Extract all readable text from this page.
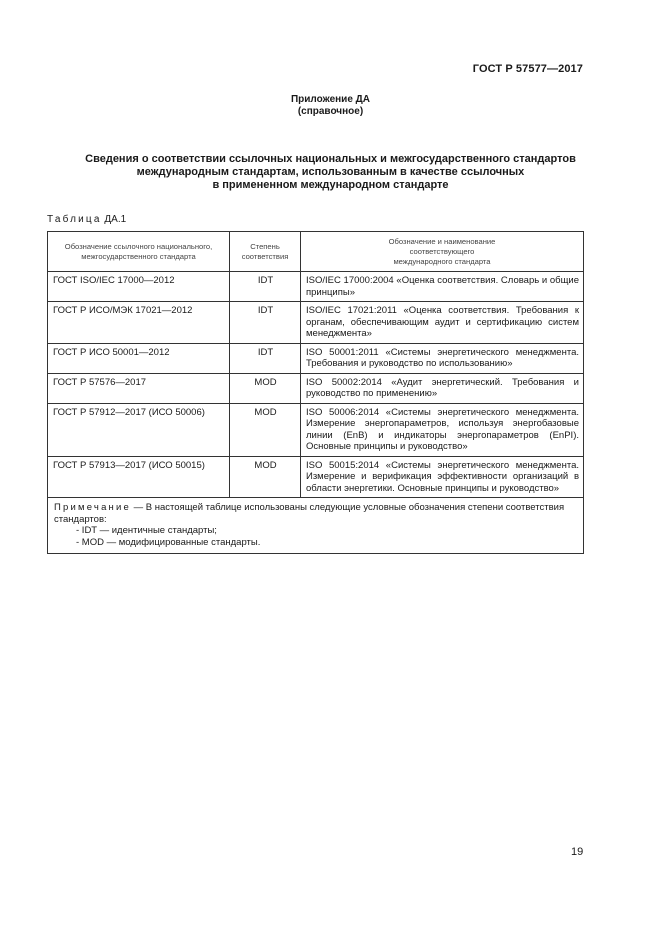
ГОСТ Р 57577—2017
Приложение ДА
(справочное)
Сведения о соответствии ссылочных национальных и межгосударственного стандартов
международным стандартам, использованным в качестве ссылочных
в примененном международном стандарте
Таблица ДА.1
Обозначение ссылочного национального, межгосударственного стандарта	Степень соответствия	Обозначение и наименование
соответствующего
международного стандарта

ГОСТ ISO/IEC 17000—2012	IDT	ISO/IEC 17000:2004 «Оценка соответствия. Словарь и общие принципы»
ГОСТ Р ИСО/МЭК 17021—2012	IDT	ISO/IEC 17021:2011 «Оценка соответствия. Требования к органам, обеспечивающим аудит и сертификацию систем менеджмента»
ГОСТ Р ИСО 50001—2012	IDT	ISO 50001:2011 «Системы энергетического менеджмента. Требования и руководство по использованию»
ГОСТ Р 57576—2017	MOD	ISO 50002:2014 «Аудит энергетический. Требования и руководство по применению»
ГОСТ Р 57912—2017 (ИСО 50006)	MOD	ISO 50006:2014 «Системы энергетического менеджмента. Измерение энергопараметров, используя энергобазовые линии (EnB) и индикаторы энергопараметров (EnPI). Основные принципы и руководство»
ГОСТ Р 57913—2017 (ИСО 50015)	MOD	ISO 50015:2014 «Системы энергетического менеджмента. Измерение и верификация эффективности организаций в области энергетики. Основные принципы и руководство»

Примечание — В настоящей таблице использованы следующие условные обозначения степени соответствия стандартов:
- IDT — идентичные стандарты;
- MOD — модифицированные стандарты.		
19
